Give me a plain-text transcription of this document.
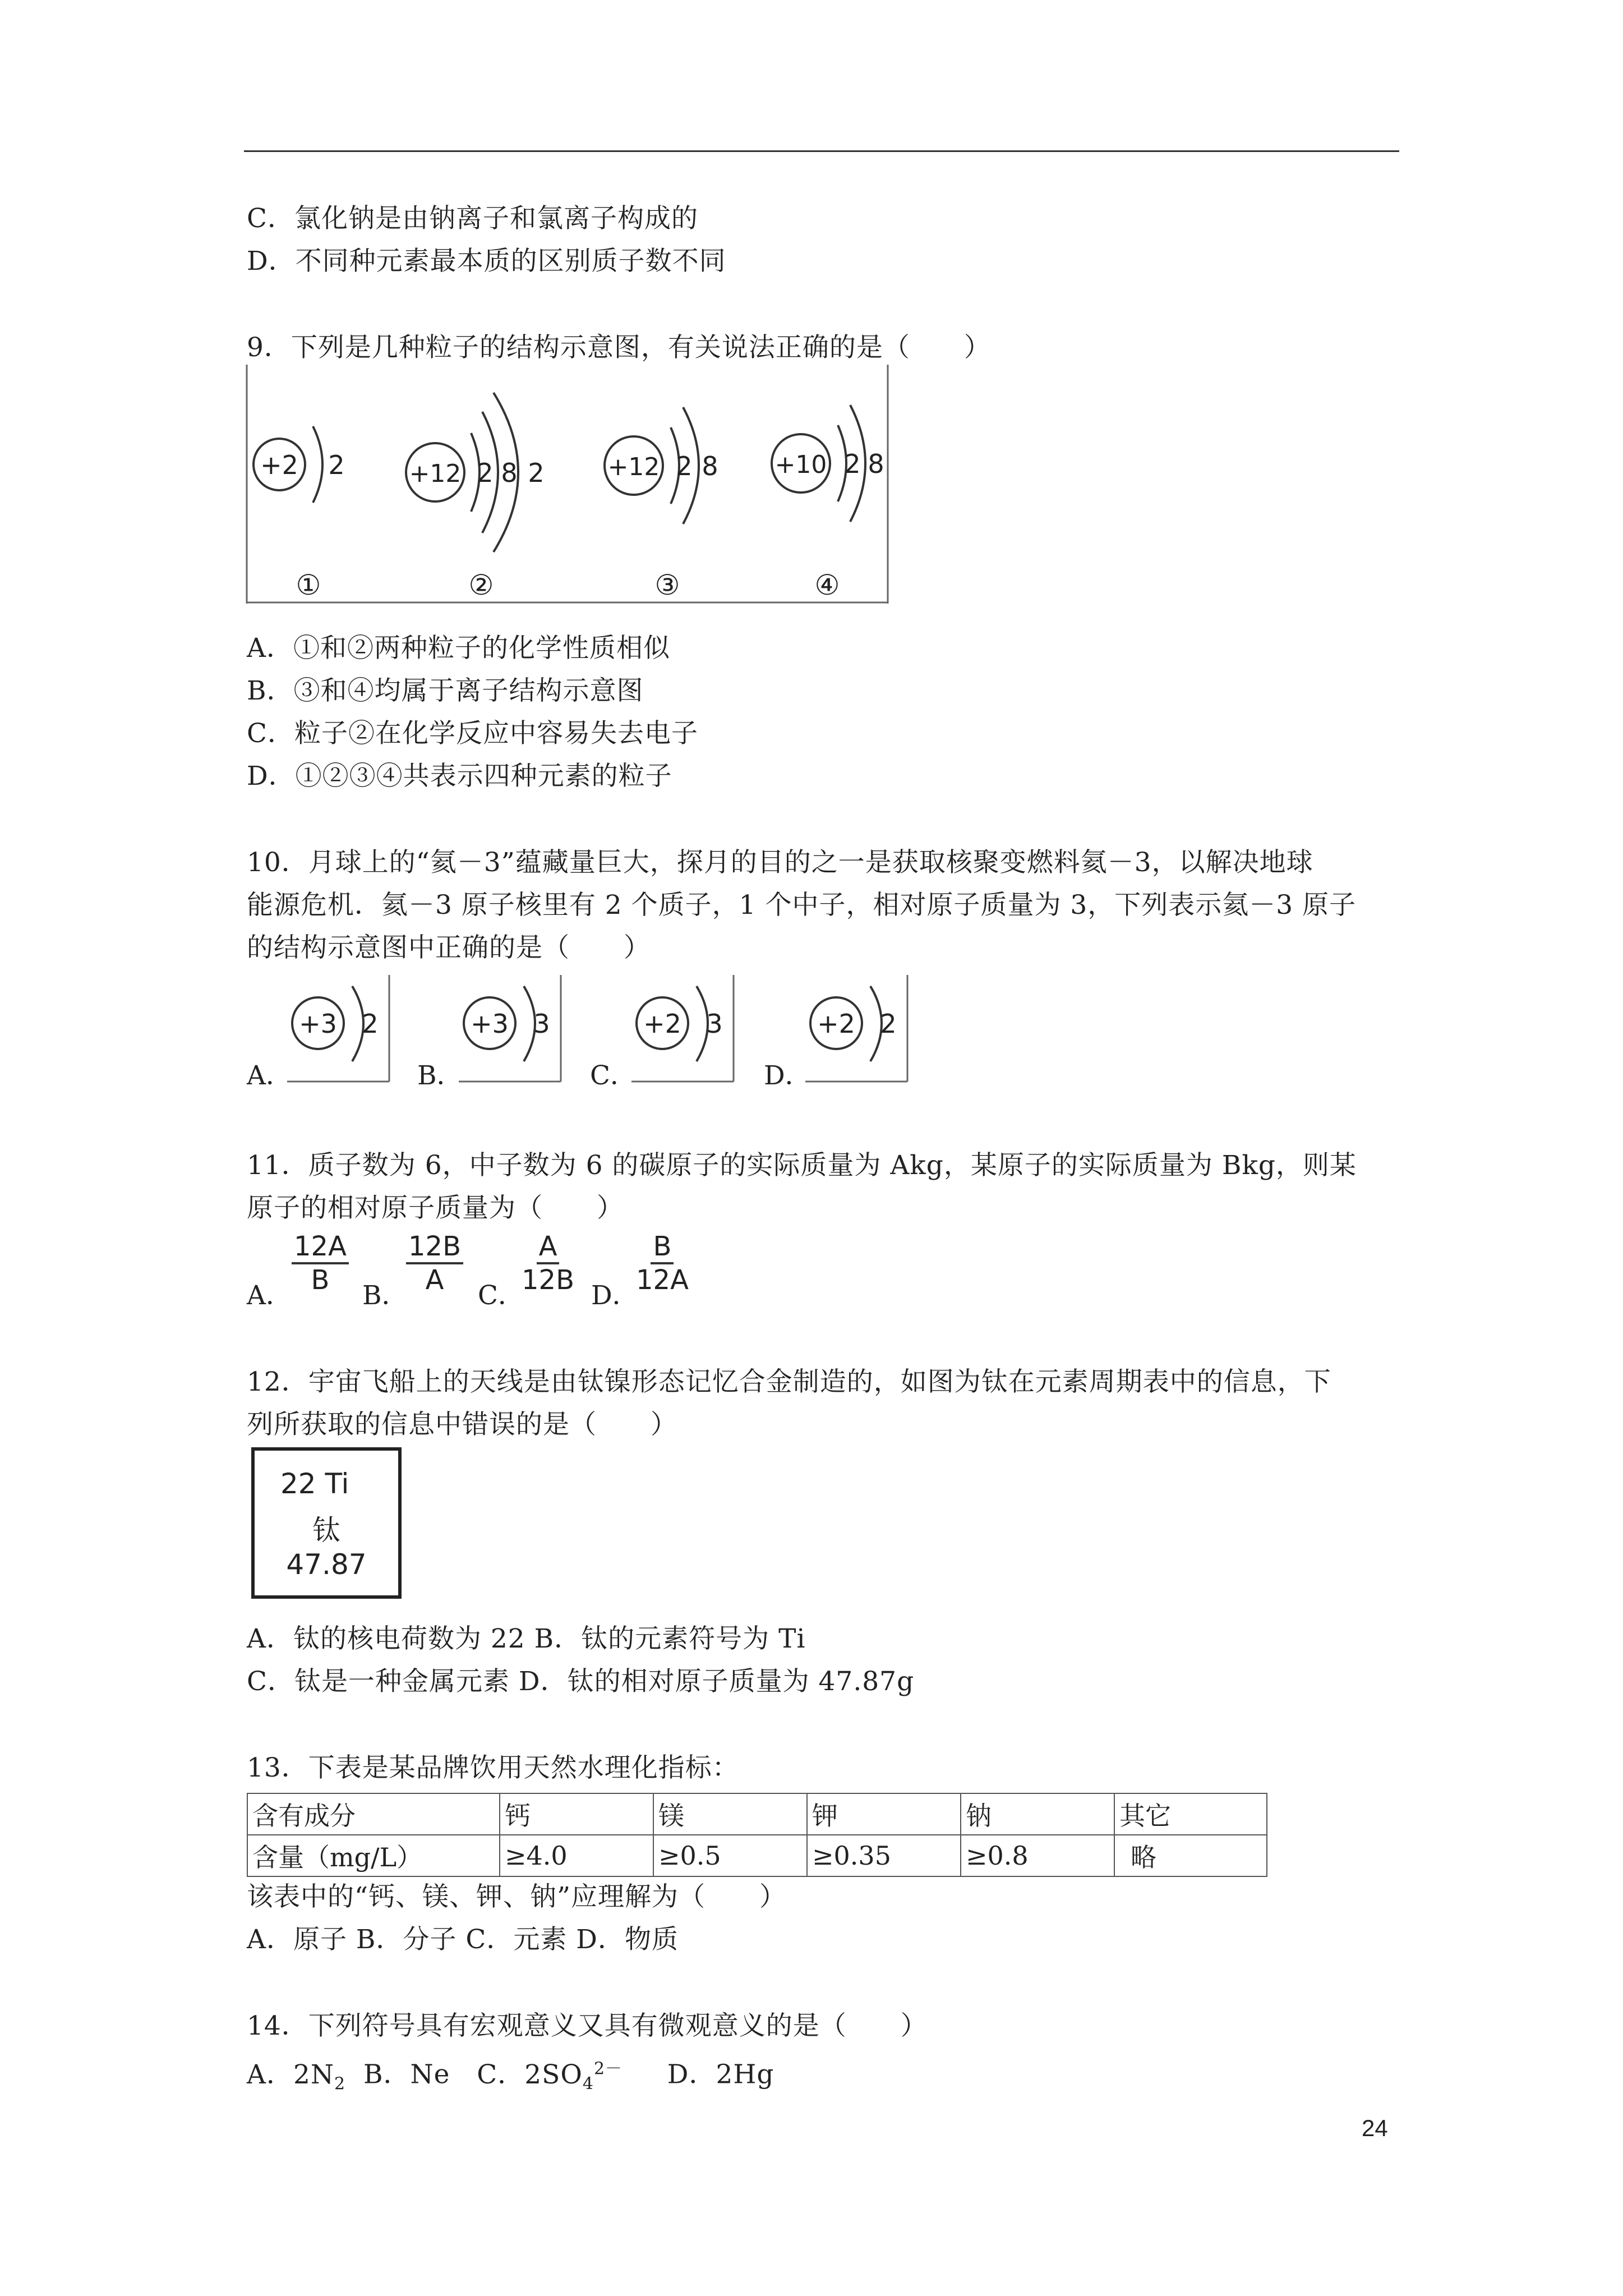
C．氯化钠是由钠离子和氯离子构成的
D．不同种元素最本质的区别质子数不同
9．下列是几种粒子的结构示意图，有关说法正确的是（　　）
+2 2
①
+12 2 8 2
②
+12 2 8
③
+10 2 8
④
A．①和②两种粒子的化学性质相似
B．③和④均属于离子结构示意图
C．粒子②在化学反应中容易失去电子
D．①②③④共表示四种元素的粒子
10．月球上的“氦－3”蕴藏量巨大，探月的目的之一是获取核聚变燃料氦－3，以解决地球
能源危机．氦－3 原子核里有 2 个质子，1 个中子，相对原子质量为 3，下列表示氦－3 原子
的结构示意图中正确的是（　　）
A．
+3 2
B．
+3 3
C．
+2 3
D．
+2 2
11．质子数为 6，中子数为 6 的碳原子的实际质量为 Akg，某原子的实际质量为 Bkg，则某
原子的相对原子质量为（　　）
A． $\frac{12A}{B}$ B．
$\frac{12B}{A}$ C．
$\frac{A}{12B}$ D．
$\frac{B}{12A}$
12．宇宙飞船上的天线是由钛镍形态记忆合金制造的，如图为钛在元素周期表中的信息，下
列所获取的信息中错误的是（　　）
22 Ti
钛
47.87
A．钛的核电荷数为 22 B．钛的元素符号为 Ti
C．钛是一种金属元素 D．钛的相对原子质量为 47.87g
13．下表是某品牌饮用天然水理化指标：
含有成分	钙	镁	钾	钠	其它
含量（mg/L）	≥4.0	≥0.5	≥0.35	≥0.8	略
该表中的“钙、镁、钾、钠”应理解为（　　）
A．原子 B．分子 C．元素 D．物质
14．下列符号具有宏观意义又具有微观意义的是（　　）
A．$2N_2$ B．Ne C．$2SO_4^{2-}$ D．2Hg
24
